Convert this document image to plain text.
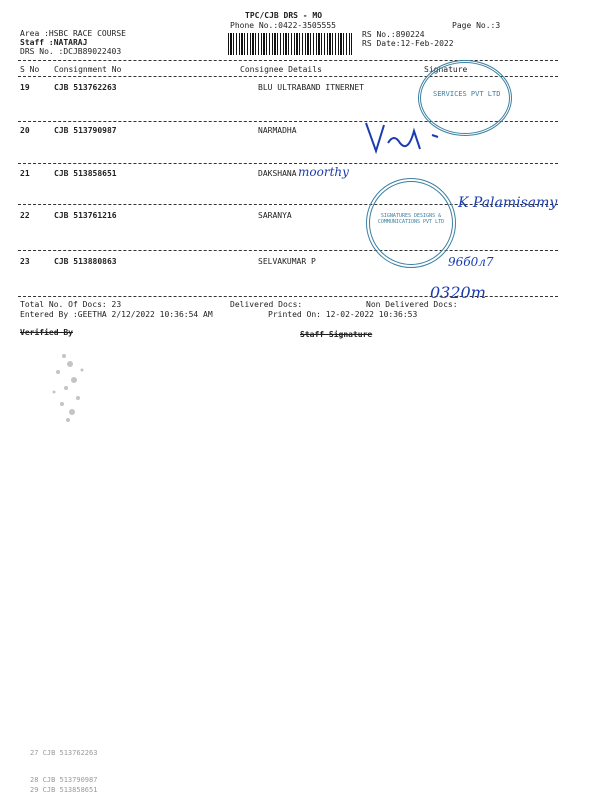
TPC/CJB DRS - MO
Phone No.:0422-3505555	Page No.:3
Area :HSBC RACE COURSE
Staff :NATARAJ
DRS No. :DCJB89022403
RS No.:890224
RS Date:12-Feb-2022
S No Consignment No	Consignee Details	Signature
19	CJB 513762263	BLU ULTRABAND ITNERNET
20	CJB 513790987	NARMADHA
21	CJB 513858651	DAKSHANA
22	CJB 513761216	SARANYA
23	CJB 513880863	SELVAKUMAR P
SERVICES PVT LTD
SIGNATURES DESIGNS & COMMUNICATIONS PVT LTD
moorthy
K Palamisamy
96б0л7
0320m
Total No. Of Docs: 23	Delivered Docs:	Non Delivered Docs:
Entered By :GEETHA 2/12/2022 10:36:54 AM	Printed On: 12-02-2022 10:36:53
Verified By	Staff Signature
27 CJB 513762263
28 CJB 513790987
29 CJB 513858651
